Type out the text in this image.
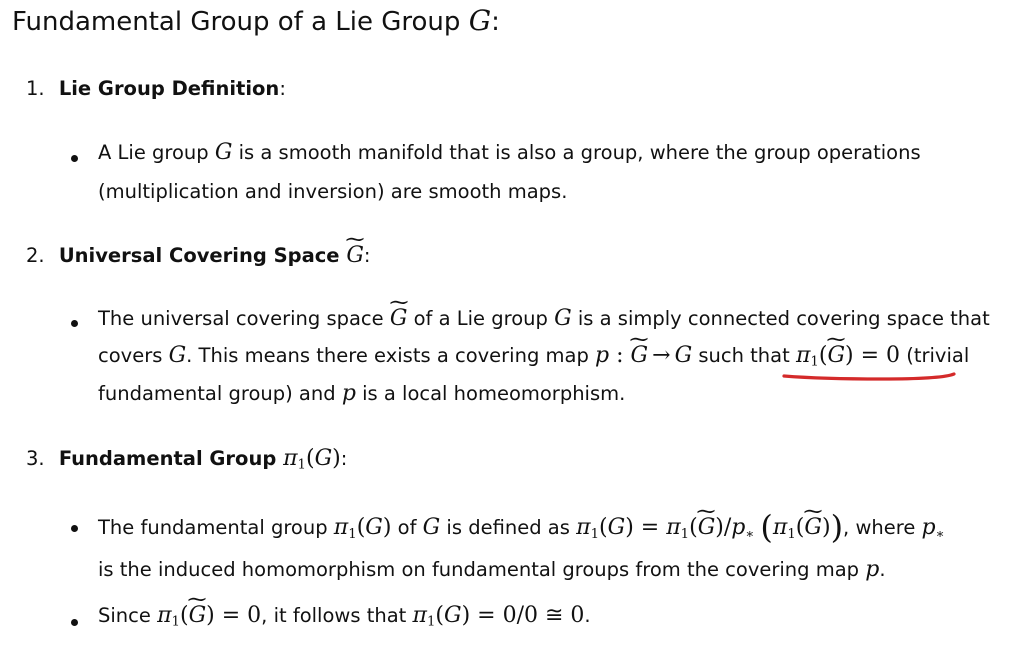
Fundamental Group of a Lie Group G:
1. Lie Group Definition:
A Lie group G is a smooth manifold that is also a group, where the group operations
(multiplication and inversion) are smooth maps.
2. Universal Covering Space ~ G:
The universal covering space ~ G of a Lie group G is a simply connected covering space that
covers G. This means there exists a covering map p : ~ G → G such that $\pi_1(\sim$ G) = 0 (trivial
fundamental group) and p is a local homeomorphism.
3. Fundamental Group $\pi_1(G)$:
The fundamental group $\pi_1(G)$ of G is defined as $\pi_1(G)$ = $\pi_1(\sim$ $G)/p_∗$ ($\pi_1(\sim$ G)), where $p_∗$
is the induced homomorphism on fundamental groups from the covering map p.
Since $\pi_1(\sim$ G) = 0, it follows that $\pi_1(G) = 0/0$ ≅ 0.
